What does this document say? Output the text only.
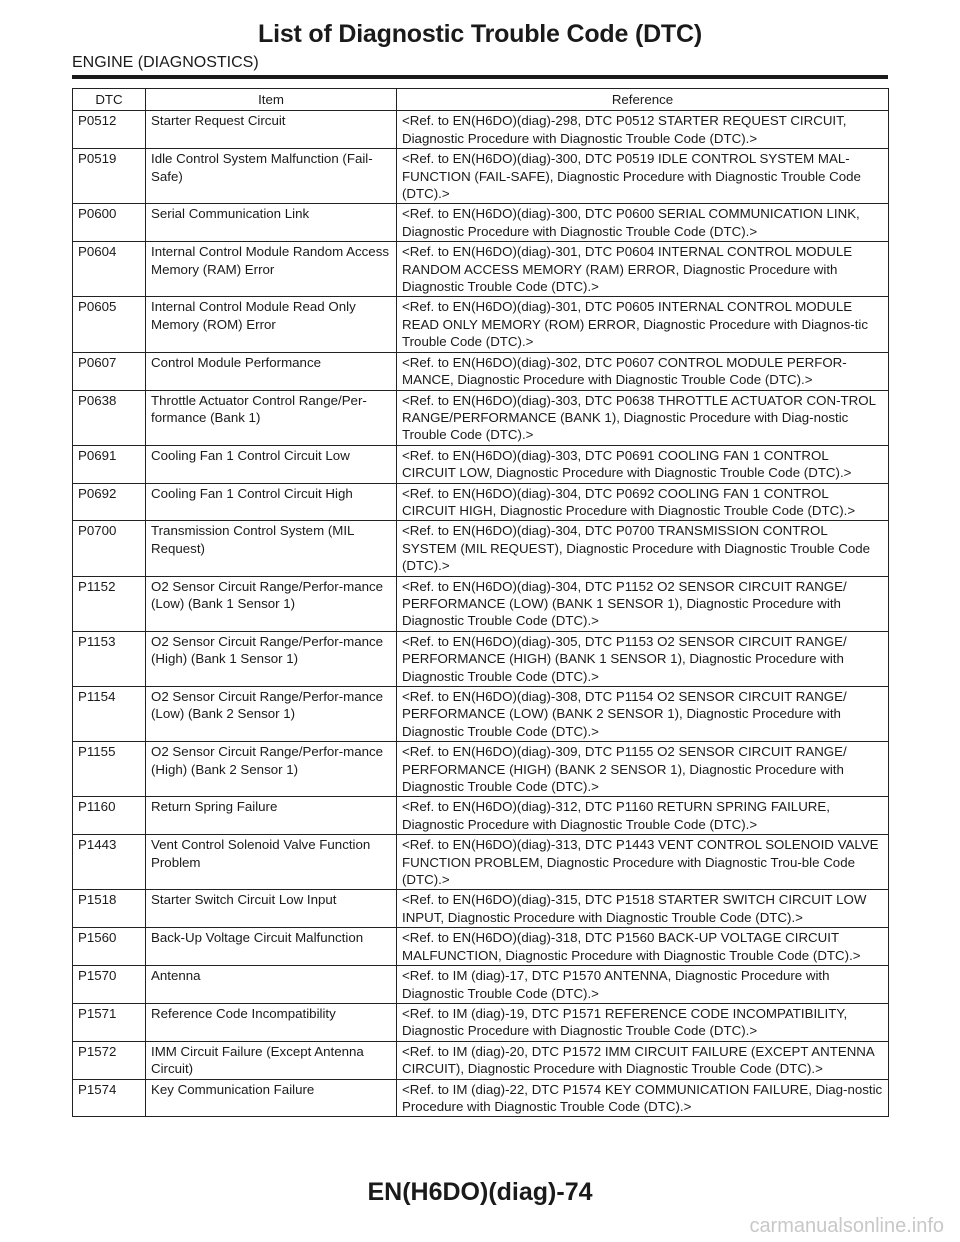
List of Diagnostic Trouble Code (DTC)
ENGINE (DIAGNOSTICS)
DTC	Item	Reference
P0512	Starter Request Circuit	<Ref. to EN(H6DO)(diag)-298, DTC P0512 STARTER REQUEST CIRCUIT, Diagnostic Procedure with Diagnostic Trouble Code (DTC).>
P0519	Idle Control System Malfunction (Fail-Safe)	<Ref. to EN(H6DO)(diag)-300, DTC P0519 IDLE CONTROL SYSTEM MAL-FUNCTION (FAIL-SAFE), Diagnostic Procedure with Diagnostic Trouble Code (DTC).>
P0600	Serial Communication Link	<Ref. to EN(H6DO)(diag)-300, DTC P0600 SERIAL COMMUNICATION LINK, Diagnostic Procedure with Diagnostic Trouble Code (DTC).>
P0604	Internal Control Module Random Access Memory (RAM) Error	<Ref. to EN(H6DO)(diag)-301, DTC P0604 INTERNAL CONTROL MODULE RANDOM ACCESS MEMORY (RAM) ERROR, Diagnostic Procedure with Diagnostic Trouble Code (DTC).>
P0605	Internal Control Module Read Only Memory (ROM) Error	<Ref. to EN(H6DO)(diag)-301, DTC P0605 INTERNAL CONTROL MODULE READ ONLY MEMORY (ROM) ERROR, Diagnostic Procedure with Diagnos-tic Trouble Code (DTC).>
P0607	Control Module Performance	<Ref. to EN(H6DO)(diag)-302, DTC P0607 CONTROL MODULE PERFOR-MANCE, Diagnostic Procedure with Diagnostic Trouble Code (DTC).>
P0638	Throttle Actuator Control Range/Per-formance (Bank 1)	<Ref. to EN(H6DO)(diag)-303, DTC P0638 THROTTLE ACTUATOR CON-TROL RANGE/PERFORMANCE (BANK 1), Diagnostic Procedure with Diag-nostic Trouble Code (DTC).>
P0691	Cooling Fan 1 Control Circuit Low	<Ref. to EN(H6DO)(diag)-303, DTC P0691 COOLING FAN 1 CONTROL CIRCUIT LOW, Diagnostic Procedure with Diagnostic Trouble Code (DTC).>
P0692	Cooling Fan 1 Control Circuit High	<Ref. to EN(H6DO)(diag)-304, DTC P0692 COOLING FAN 1 CONTROL CIRCUIT HIGH, Diagnostic Procedure with Diagnostic Trouble Code (DTC).>
P0700	Transmission Control System (MIL Request)	<Ref. to EN(H6DO)(diag)-304, DTC P0700 TRANSMISSION CONTROL SYSTEM (MIL REQUEST), Diagnostic Procedure with Diagnostic Trouble Code (DTC).>
P1152	O2 Sensor Circuit Range/Perfor-mance (Low) (Bank 1 Sensor 1)	<Ref. to EN(H6DO)(diag)-304, DTC P1152 O2 SENSOR CIRCUIT RANGE/ PERFORMANCE (LOW) (BANK 1 SENSOR 1), Diagnostic Procedure with Diagnostic Trouble Code (DTC).>
P1153	O2 Sensor Circuit Range/Perfor-mance (High) (Bank 1 Sensor 1)	<Ref. to EN(H6DO)(diag)-305, DTC P1153 O2 SENSOR CIRCUIT RANGE/ PERFORMANCE (HIGH) (BANK 1 SENSOR 1), Diagnostic Procedure with Diagnostic Trouble Code (DTC).>
P1154	O2 Sensor Circuit Range/Perfor-mance (Low) (Bank 2 Sensor 1)	<Ref. to EN(H6DO)(diag)-308, DTC P1154 O2 SENSOR CIRCUIT RANGE/ PERFORMANCE (LOW) (BANK 2 SENSOR 1), Diagnostic Procedure with Diagnostic Trouble Code (DTC).>
P1155	O2 Sensor Circuit Range/Perfor-mance (High) (Bank 2 Sensor 1)	<Ref. to EN(H6DO)(diag)-309, DTC P1155 O2 SENSOR CIRCUIT RANGE/ PERFORMANCE (HIGH) (BANK 2 SENSOR 1), Diagnostic Procedure with Diagnostic Trouble Code (DTC).>
P1160	Return Spring Failure	<Ref. to EN(H6DO)(diag)-312, DTC P1160 RETURN SPRING FAILURE, Diagnostic Procedure with Diagnostic Trouble Code (DTC).>
P1443	Vent Control Solenoid Valve Function Problem	<Ref. to EN(H6DO)(diag)-313, DTC P1443 VENT CONTROL SOLENOID VALVE FUNCTION PROBLEM, Diagnostic Procedure with Diagnostic Trou-ble Code (DTC).>
P1518	Starter Switch Circuit Low Input	<Ref. to EN(H6DO)(diag)-315, DTC P1518 STARTER SWITCH CIRCUIT LOW INPUT, Diagnostic Procedure with Diagnostic Trouble Code (DTC).>
P1560	Back-Up Voltage Circuit Malfunction	<Ref. to EN(H6DO)(diag)-318, DTC P1560 BACK-UP VOLTAGE CIRCUIT MALFUNCTION, Diagnostic Procedure with Diagnostic Trouble Code (DTC).>
P1570	Antenna	<Ref. to IM (diag)-17, DTC P1570 ANTENNA, Diagnostic Procedure with Diagnostic Trouble Code (DTC).>
P1571	Reference Code Incompatibility	<Ref. to IM (diag)-19, DTC P1571 REFERENCE CODE INCOMPATIBILITY, Diagnostic Procedure with Diagnostic Trouble Code (DTC).>
P1572	IMM Circuit Failure (Except Antenna Circuit)	<Ref. to IM (diag)-20, DTC P1572 IMM CIRCUIT FAILURE (EXCEPT ANTENNA CIRCUIT), Diagnostic Procedure with Diagnostic Trouble Code (DTC).>
P1574	Key Communication Failure	<Ref. to IM (diag)-22, DTC P1574 KEY COMMUNICATION FAILURE, Diag-nostic Procedure with Diagnostic Trouble Code (DTC).>
EN(H6DO)(diag)-74
carmanualsonline.info
